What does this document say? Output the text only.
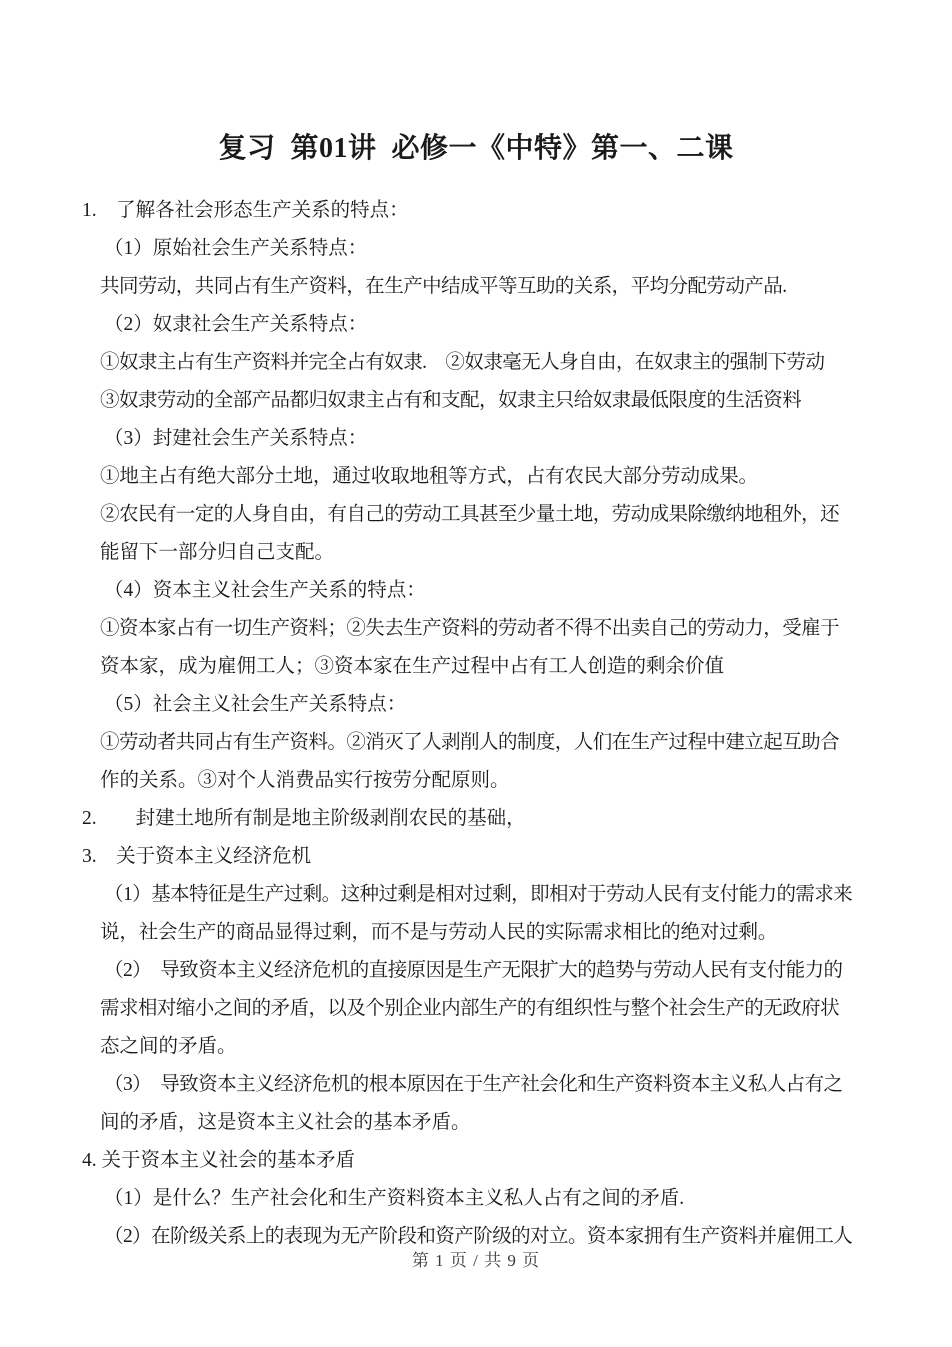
复习  第01讲  必修一《中特》第一、二课
1.　了解各社会形态生产关系的特点：
（1）原始社会生产关系特点：
共同劳动，共同占有生产资料，在生产中结成平等互助的关系，平均分配劳动产品.
（2）奴隶社会生产关系特点：
①奴隶主占有生产资料并完全占有奴隶.　②奴隶毫无人身自由，在奴隶主的强制下劳动
③奴隶劳动的全部产品都归奴隶主占有和支配，奴隶主只给奴隶最低限度的生活资料
（3）封建社会生产关系特点：
①地主占有绝大部分土地，通过收取地租等方式，占有农民大部分劳动成果。
②农民有一定的人身自由，有自己的劳动工具甚至少量土地，劳动成果除缴纳地租外，还
能留下一部分归自己支配。
（4）资本主义社会生产关系的特点：
①资本家占有一切生产资料；②失去生产资料的劳动者不得不出卖自己的劳动力，受雇于
资本家，成为雇佣工人；③资本家在生产过程中占有工人创造的剩余价值
（5）社会主义社会生产关系特点：
①劳动者共同占有生产资料。②消灭了人剥削人的制度，人们在生产过程中建立起互助合
作的关系。③对个人消费品实行按劳分配原则。
2.　　封建土地所有制是地主阶级剥削农民的基础，
3.　关于资本主义经济危机
（1）基本特征是生产过剩。这种过剩是相对过剩，即相对于劳动人民有支付能力的需求来
说，社会生产的商品显得过剩，而不是与劳动人民的实际需求相比的绝对过剩。
（2）　导致资本主义经济危机的直接原因是生产无限扩大的趋势与劳动人民有支付能力的
需求相对缩小之间的矛盾，以及个别企业内部生产的有组织性与整个社会生产的无政府状
态之间的矛盾。
（3）　导致资本主义经济危机的根本原因在于生产社会化和生产资料资本主义私人占有之
间的矛盾，这是资本主义社会的基本矛盾。
4. 关于资本主义社会的基本矛盾
（1）是什么？生产社会化和生产资料资本主义私人占有之间的矛盾.
（2）在阶级关系上的表现为无产阶段和资产阶级的对立。资本家拥有生产资料并雇佣工人
第 1 页 / 共 9 页
